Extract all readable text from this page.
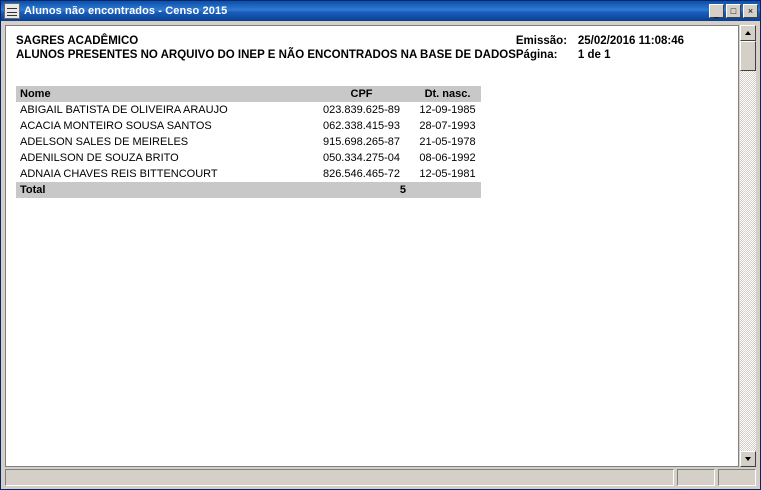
Alunos não encontrados - Censo 2015	_	□	×
SAGRES ACADÊMICO
ALUNOS PRESENTES NO ARQUIVO DO INEP E NÃO ENCONTRADOS NA BASE DE DADOS
Emissão: 25/02/2016 11:08:46
Página:	1 de 1
Nome	CPF	Dt. nasc.
ABIGAIL BATISTA DE OLIVEIRA ARAUJO	023.839.625-89	12-09-1985
ACACIA MONTEIRO SOUSA SANTOS	062.338.415-93	28-07-1993
ADELSON SALES DE MEIRELES	915.698.265-87	21-05-1978
ADENILSON DE SOUZA BRITO	050.334.275-04	08-06-1992
ADNAIA CHAVES REIS BITTENCOURT	826.546.465-72	12-05-1981
Total	5	
